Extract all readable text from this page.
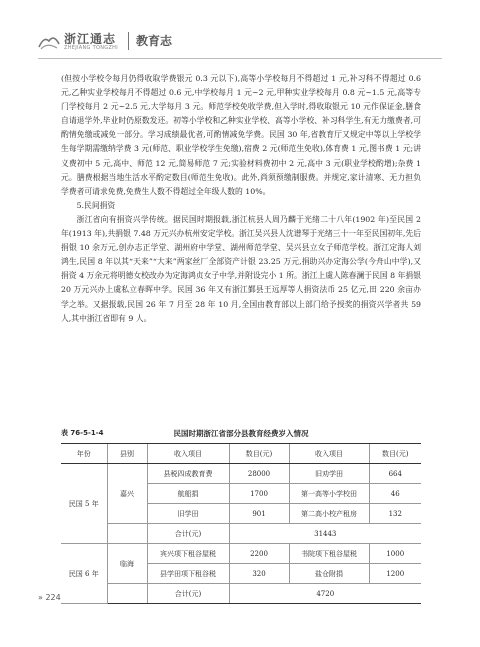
浙江通志
ZHEJIANG TONGZHI 教育志

(但按小学校令每月仍得收取学费银元 0.3 元以下),高等小学校每月不得超过 1 元,补习科不得超过 0.6 元,乙种实业学校每月不得超过 0.6 元,中学校每月 1 元~2 元,甲种实业学校每月 0.8 元~1.5 元,高等专门学校每月 2 元~2.5 元,大学每月 3 元。师范学校免收学费,但入学时,得收取银元 10 元作保证金,膳食自请退学外,毕业时仍原数发还。初等小学校和乙种实业学校、高等小学校、补习科学生,有无力缴费者,可酌情免缴或减免一部分。学习成绩最优者,可酌情减免学费。民国 30 年,省教育厅又规定中等以上学校学生每学期需缴纳学费 3 元(师范、职业学校学生免缴),宿费 2 元(师范生免收),体育费 1 元,图书费 1 元;讲义费初中 5 元,高中、师范 12 元,简易师范 7 元;实验材料费初中 2 元,高中 3 元(职业学校酌增);杂费 1 元。膳费根据当地生活水平酌定数目(师范生免收)。此外,尚须预缴制服费。并规定,家计清寒、无力担负学费者可请求免费,免费生人数不得超过全年级人数的 10%。

5.民间捐资

浙江省向有捐资兴学传统。据民国时期报载,浙江杭县人周乃麟于光绪二十八年(1902 年)至民国 2 年(1913 年),共捐银 7.48 万元兴办杭州安定学校。浙江吴兴县人沈谱琴于光绪三十一年至民国初年,先后捐银 10 余万元,创办志正学堂、湖州府中学堂、湖州师范学堂、吴兴县立女子师范学校。浙江定海人刘鸿生,民国 8 年以其“天来”“大来”两家丝厂全部资产计银 23.25 万元,捐助兴办定海公学(今舟山中学),又捐资 4 万余元将明德女校改办为定海鸿贞女子中学,并附设完小 1 所。浙江上虞人陈春澜于民国 8 年捐银 20 万元兴办上虞私立春晖中学。民国 36 年又有浙江鄞县王远厚等人捐资法币 25 亿元,田 220 余亩办学之举。又据报载,民国 26 年 7 月至 28 年 10 月,全国由教育部以上部门给予授奖的捐资兴学者共 59 人,其中浙江省即有 9 人。

表 76-5-1-4	民国时期浙江省部分县教育经费岁入情况
年份	县别	收入项目	数目(元)	收入项目	数目(元)
民国 5 年	嘉兴	县税四成教育费	28000	旧劝学田	664
		航船捐	1700	第一高等小学校田	46
		旧学田	901	第二高小校产租房	132
		合计(元)	31443		
民国 6 年	临海	宾兴项下租谷屋税	2200	书院项下租谷屋税	1000
		县学田项下租谷税	320	盐仓附捐	1200
		合计(元)	4720		
» 224
